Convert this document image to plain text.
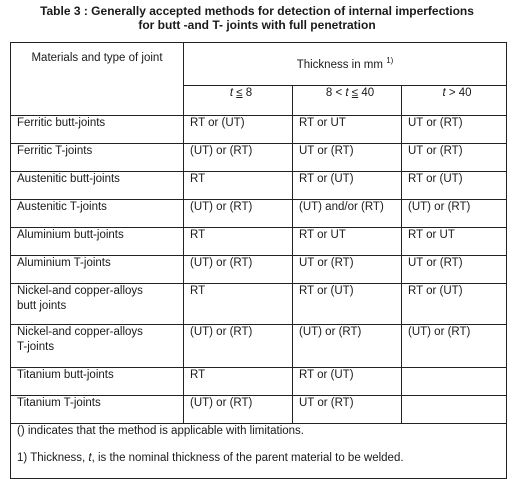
Table 3 : Generally accepted methods for detection of internal imperfections
for butt -and T- joints with full penetration
Materials and type of joint	Thickness in mm $^{1)}$
	t ≤ 8	8 < t ≤ 40	t > 40
Ferritic butt-joints	RT or (UT)	RT or UT	UT or (RT)
Ferritic T-joints	(UT) or (RT)	UT or (RT)	UT or (RT)
Austenitic butt-joints	RT	RT or (UT)	RT or (UT)
Austenitic T-joints	(UT) or (RT)	(UT) and/or (RT)	(UT) or (RT)
Aluminium butt-joints	RT	RT or UT	RT or UT
Aluminium T-joints	(UT) or (RT)	UT or (RT)	UT or (RT)

Nickel-and copper-alloys
butt joints	RT	RT or (UT)	RT or (UT)

Nickel-and copper-alloys
T-joints	(UT) or (RT)	(UT) or (RT)	(UT) or (RT)
Titanium butt-joints	RT	RT or (UT)	
Titanium T-joints	(UT) or (RT)	UT or (RT)	

() indicates that the method is applicable with limitations.
1) Thickness, t, is the nominal thickness of the parent material to be welded.			
